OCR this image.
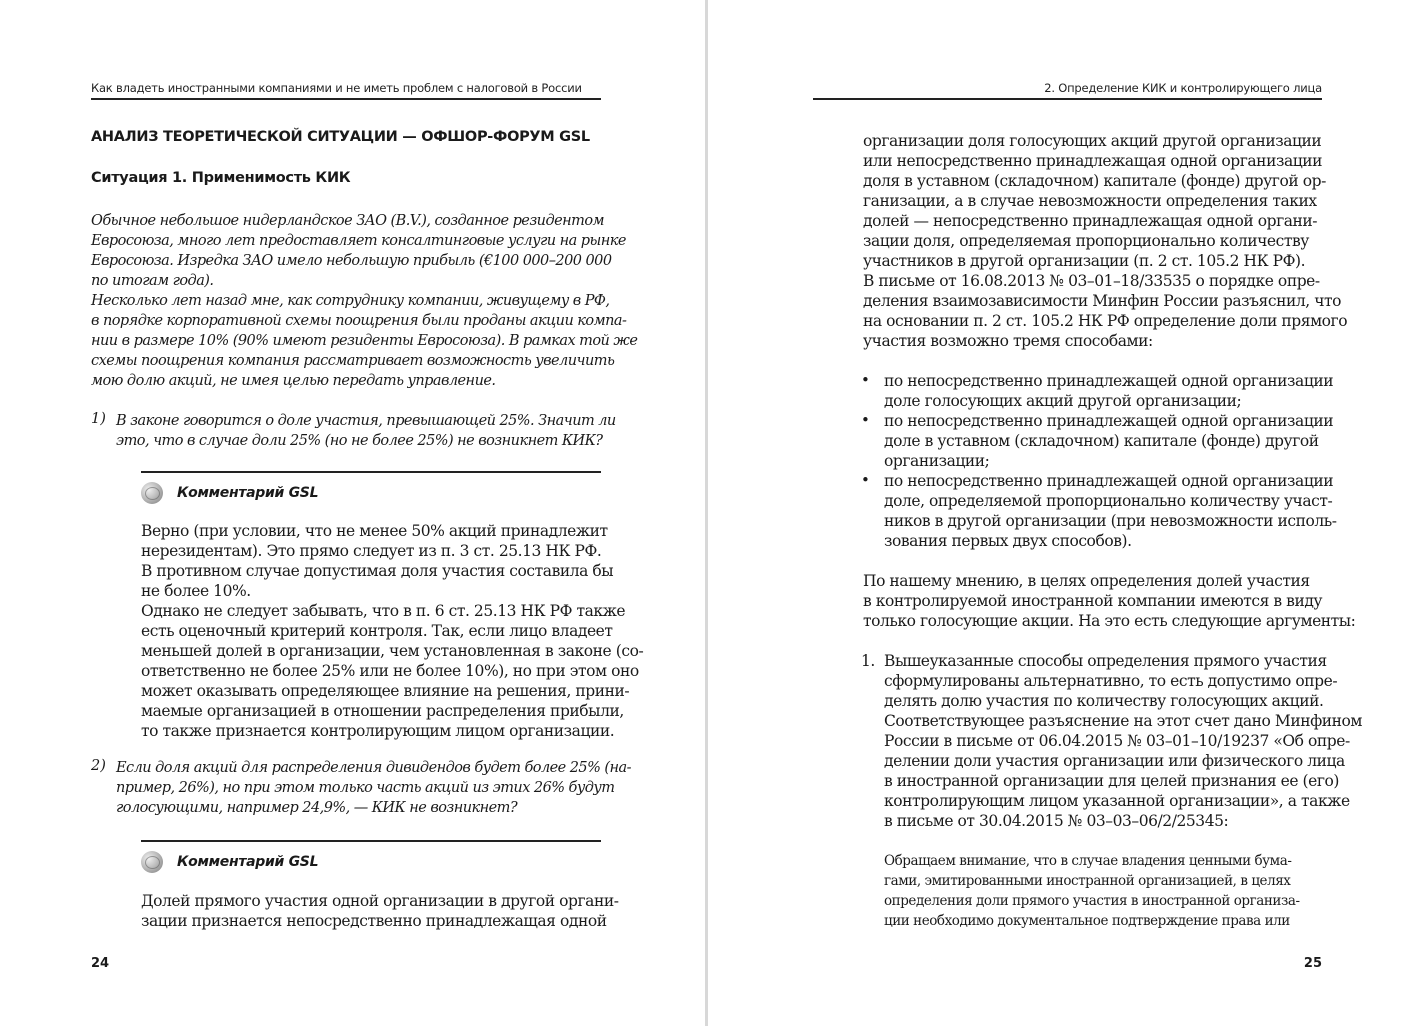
Как владеть иностранными компаниями и не иметь проблем с налоговой в России
АНАЛИЗ ТЕОРЕТИЧЕСКОЙ СИТУАЦИИ — ОФШОР-ФОРУМ GSL
Ситуация 1. Применимость КИК
Обычное небольшое нидерландское ЗАО (B.V.), созданное резидентом
Евросоюза, много лет предоставляет консалтинговые услуги на рынке
Евросоюза. Изредка ЗАО имело небольшую прибыль (€100 000–200 000
по итогам года).
Несколько лет назад мне, как сотруднику компании, живущему в РФ,
в порядке корпоративной схемы поощрения были проданы акции компа-
нии в размере 10% (90% имеют резиденты Евросоюза). В рамках той же
схемы поощрения компания рассматривает возможность увеличить
мою долю акций, не имея целью передать управление.
1) В законе говорится о доле участия, превышающей 25%. Значит ли
это, что в случае доли 25% (но не более 25%) не возникнет КИК?
Комментарий GSL
Верно (при условии, что не менее 50% акций принадлежит
нерезидентам). Это прямо следует из п. 3 ст. 25.13 НК РФ.
В противном случае допустимая доля участия составила бы
не более 10%.
Однако не следует забывать, что в п. 6 ст. 25.13 НК РФ также
есть оценочный критерий контроля. Так, если лицо владеет
меньшей долей в организации, чем установленная в законе (со-
ответственно не более 25% или не более 10%), но при этом оно
может оказывать определяющее влияние на решения, прини-
маемые организацией в отношении распределения прибыли,
то также признается контролирующим лицом организации.
2) Если доля акций для распределения дивидендов будет более 25% (на-
пример, 26%), но при этом только часть акций из этих 26% будут
голосующими, например 24,9%, — КИК не возникнет?
Комментарий GSL
Долей прямого участия одной организации в другой органи-
зации признается непосредственно принадлежащая одной
24
2. Определение КИК и контролирующего лица
организации доля голосующих акций другой организации
или непосредственно принадлежащая одной организации
доля в уставном (складочном) капитале (фонде) другой ор-
ганизации, а в случае невозможности определения таких
долей — непосредственно принадлежащая одной органи-
зации доля, определяемая пропорционально количеству
участников в другой организации (п. 2 ст. 105.2 НК РФ).
В письме от 16.08.2013 № 03–01–18/33535 о порядке опре-
деления взаимозависимости Минфин России разъяснил, что
на основании п. 2 ст. 105.2 НК РФ определение доли прямого
участия возможно тремя способами:
• по непосредственно принадлежащей одной организации
доле голосующих акций другой организации;
• по непосредственно принадлежащей одной организации
доле в уставном (складочном) капитале (фонде) другой
организации;
• по непосредственно принадлежащей одной организации
доле, определяемой пропорционально количеству участ-
ников в другой организации (при невозможности исполь-
зования первых двух способов).
По нашему мнению, в целях определения долей участия
в контролируемой иностранной компании имеются в виду
только голосующие акции. На это есть следующие аргументы:
1. Вышеуказанные способы определения прямого участия
сформулированы альтернативно, то есть допустимо опре-
делять долю участия по количеству голосующих акций.
Соответствующее разъяснение на этот счет дано Минфином
России в письме от 06.04.2015 № 03–01–10/19237 «Об опре-
делении доли участия организации или физического лица
в иностранной организации для целей признания ее (его)
контролирующим лицом указанной организации», а также
в письме от 30.04.2015 № 03–03–06/2/25345:
Обращаем внимание, что в случае владения ценными бума-
гами, эмитированными иностранной организацией, в целях
определения доли прямого участия в иностранной организа-
ции необходимо документальное подтверждение права или
25
